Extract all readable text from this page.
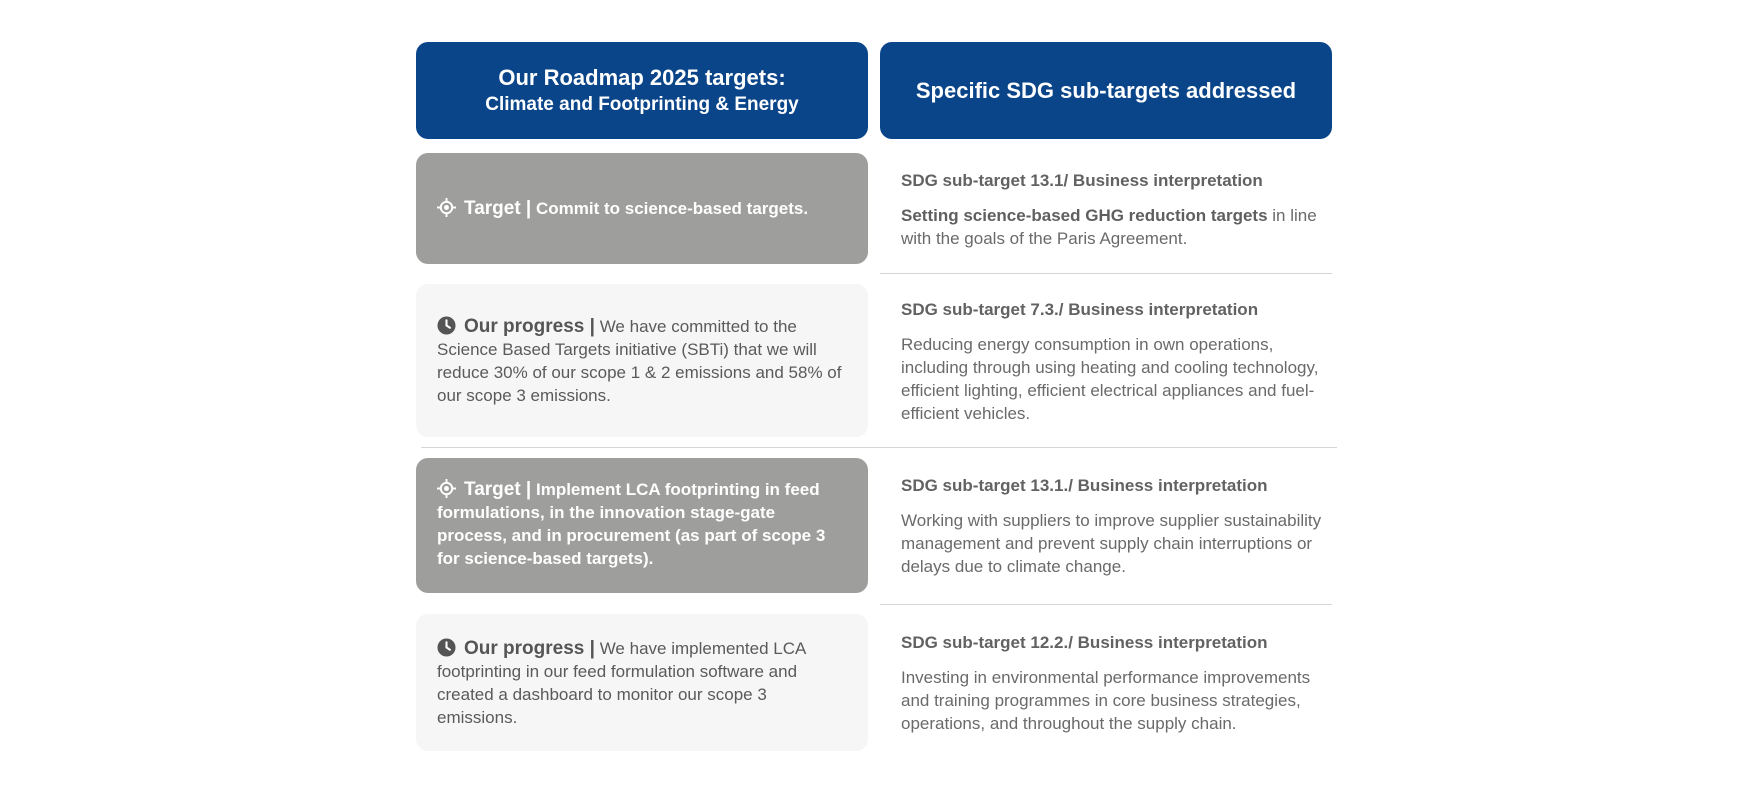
Our Roadmap 2025 targets:
Climate and Footprinting & Energy
Specific SDG sub-targets addressed
Target | Commit to science-based targets.
Our progress | We have committed to the Science Based Targets initiative (SBTi) that we will reduce 30% of our scope 1 & 2 emissions and 58% of our scope 3 emissions.
Target | Implement LCA footprinting in feed formulations, in the innovation stage-gate process, and in procurement (as part of scope 3 for science-based targets).
Our progress | We have implemented LCA footprinting in our feed formulation software and created a dashboard to monitor our scope 3 emissions.
SDG sub-target 13.1/ Business interpretation
Setting science-based GHG reduction targets in line with the goals of the Paris Agreement.
SDG sub-target 7.3./ Business interpretation
Reducing energy consumption in own operations, including through using heating and cooling technology, efficient lighting, efficient electrical appliances and fuel-efficient vehicles.
SDG sub-target 13.1./ Business interpretation
Working with suppliers to improve supplier sustainability management and prevent supply chain interruptions or delays due to climate change.
SDG sub-target 12.2./ Business interpretation
Investing in environmental performance improvements and training programmes in core business strategies, operations, and throughout the supply chain.
